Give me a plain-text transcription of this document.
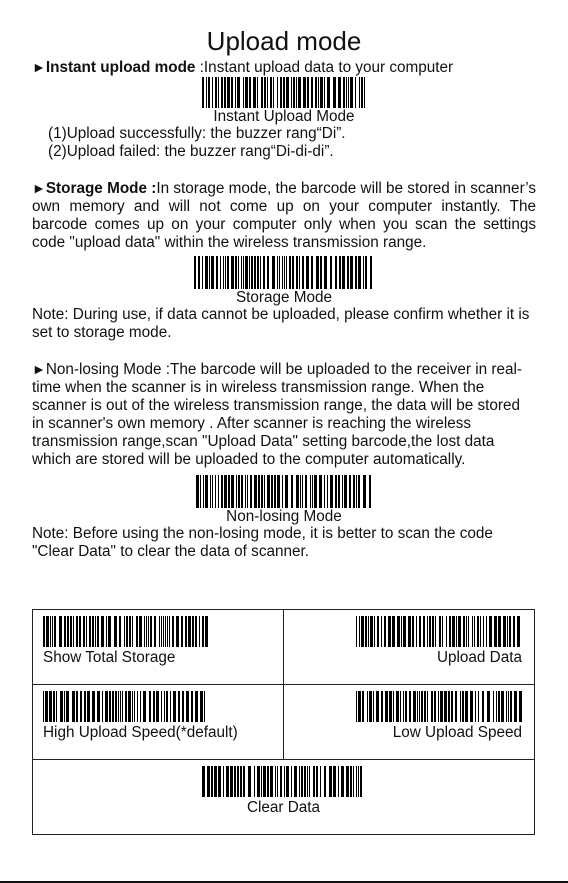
Upload mode

►Instant upload mode :Instant upload data to your computer

Instant Upload Mode
(1)Upload successfully: the buzzer rang“Di”.
(2)Upload failed: the buzzer rang“Di-di-di”.

►Storage Mode :In storage mode, the barcode will be stored in scanner’s own memory and will not come up on your computer instantly. The barcode comes up on your computer only when you scan the settings code "upload data" within the wireless transmission range.

Storage Mode

Note: During use, if data cannot be uploaded, please confirm whether it is set to storage mode.

►Non-losing Mode :The barcode will be uploaded to the receiver in real-time when the scanner is in wireless transmission range. When the scanner is out of the wireless transmission range, the data will be stored in scanner's own memory . After scanner is reaching the wireless transmission range,scan "Upload Data" setting barcode,the lost data which are stored will be uploaded to the computer automatically.

Non-losing Mode

Note: Before using the non-losing mode, it is better to scan the code "Clear Data" to clear the data of scanner.

Show Total Storage	Upload Data

High Upload Speed(*default)	Low Upload Speed

Clear Data	
